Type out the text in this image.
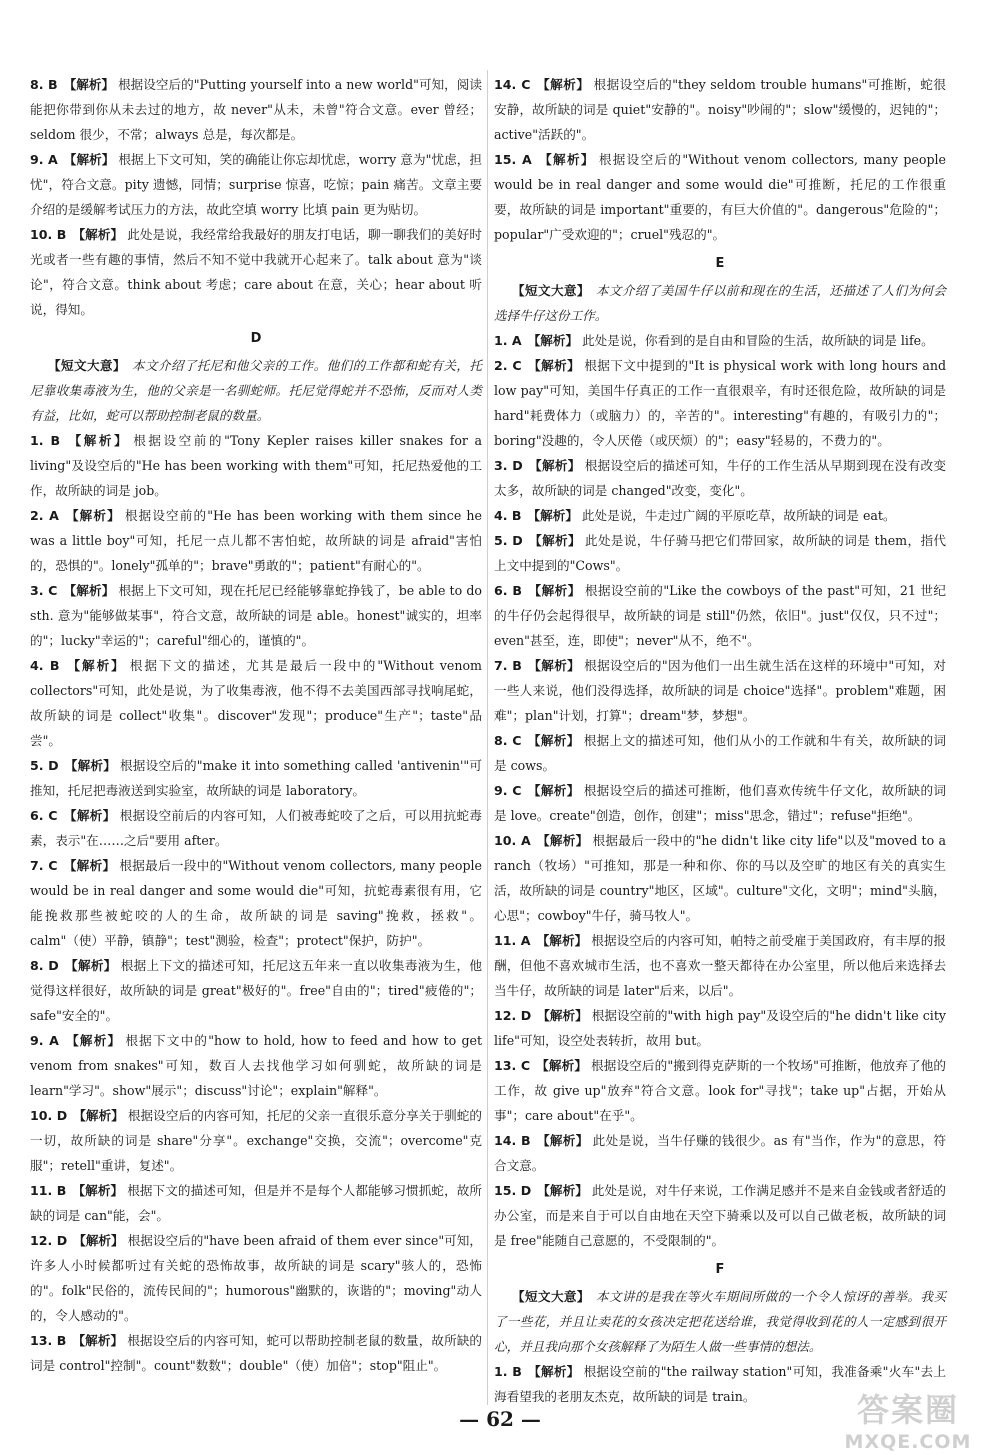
8. B 【解析】 根据设空后的"Putting yourself into a new world"可知，阅读能把你带到你从未去过的地方，故 never"从未，未曾"符合文意。ever 曾经；seldom 很少，不常；always 总是，每次都是。
9. A 【解析】 根据上下文可知，笑的确能让你忘却忧虑，worry 意为"忧虑，担忧"，符合文意。pity 遗憾，同情；surprise 惊喜，吃惊；pain 痛苦。文章主要介绍的是缓解考试压力的方法，故此空填 worry 比填 pain 更为贴切。
10. B 【解析】 此处是说，我经常给我最好的朋友打电话，聊一聊我们的美好时光或者一些有趣的事情，然后不知不觉中我就开心起来了。talk about 意为"谈论"，符合文意。think about 考虑；care about 在意，关心；hear about 听说，得知。
D
【短文大意】 本文介绍了托尼和他父亲的工作。他们的工作都和蛇有关，托尼靠收集毒液为生，他的父亲是一名驯蛇师。托尼觉得蛇并不恐怖，反而对人类有益，比如，蛇可以帮助控制老鼠的数量。
1. B 【解析】 根据设空前的"Tony Kepler raises killer snakes for a living"及设空后的"He has been working with them"可知，托尼热爱他的工作，故所缺的词是 job。
2. A 【解析】 根据设空前的"He has been working with them since he was a little boy"可知，托尼一点儿都不害怕蛇，故所缺的词是 afraid"害怕的，恐惧的"。lonely"孤单的"；brave"勇敢的"；patient"有耐心的"。
3. C 【解析】 根据上下文可知，现在托尼已经能够靠蛇挣钱了，be able to do sth. 意为"能够做某事"，符合文意，故所缺的词是 able。honest"诚实的，坦率的"；lucky"幸运的"；careful"细心的，谨慎的"。
4. B 【解析】 根据下文的描述，尤其是最后一段中的"Without venom collectors"可知，此处是说，为了收集毒液，他不得不去美国西部寻找响尾蛇，故所缺的词是 collect"收集"。discover"发现"；produce"生产"；taste"品尝"。
5. D 【解析】 根据设空后的"make it into something called 'antivenin'"可推知，托尼把毒液送到实验室，故所缺的词是 laboratory。
6. C 【解析】 根据设空前后的内容可知，人们被毒蛇咬了之后，可以用抗蛇毒素，表示"在……之后"要用 after。
7. C 【解析】 根据最后一段中的"Without venom collectors, many people would be in real danger and some would die"可知，抗蛇毒素很有用，它能挽救那些被蛇咬的人的生命，故所缺的词是 saving"挽救，拯救"。calm"（使）平静，镇静"；test"测验，检查"；protect"保护，防护"。
8. D 【解析】 根据上下文的描述可知，托尼这五年来一直以收集毒液为生，他觉得这样很好，故所缺的词是 great"极好的"。free"自由的"；tired"疲倦的"；safe"安全的"。
9. A 【解析】 根据下文中的"how to hold, how to feed and how to get venom from snakes"可知，数百人去找他学习如何驯蛇，故所缺的词是 learn"学习"。show"展示"；discuss"讨论"；explain"解释"。
10. D 【解析】 根据设空后的内容可知，托尼的父亲一直很乐意分享关于驯蛇的一切，故所缺的词是 share"分享"。exchange"交换，交流"；overcome"克服"；retell"重讲，复述"。
11. B 【解析】 根据下文的描述可知，但是并不是每个人都能够习惯抓蛇，故所缺的词是 can"能，会"。
12. D 【解析】 根据设空后的"have been afraid of them ever since"可知，许多人小时候都听过有关蛇的恐怖故事，故所缺的词是 scary"骇人的，恐怖的"。folk"民俗的，流传民间的"；humorous"幽默的，诙谐的"；moving"动人的，令人感动的"。
13. B 【解析】 根据设空后的内容可知，蛇可以帮助控制老鼠的数量，故所缺的词是 control"控制"。count"数数"；double"（使）加倍"；stop"阻止"。
14. C 【解析】 根据设空后的"they seldom trouble humans"可推断，蛇很安静，故所缺的词是 quiet"安静的"。noisy"吵闹的"；slow"缓慢的，迟钝的"；active"活跃的"。
15. A 【解析】 根据设空后的"Without venom collectors, many people would be in real danger and some would die"可推断，托尼的工作很重要，故所缺的词是 important"重要的，有巨大价值的"。dangerous"危险的"；popular"广受欢迎的"；cruel"残忍的"。
E
【短文大意】 本文介绍了美国牛仔以前和现在的生活，还描述了人们为何会选择牛仔这份工作。
1. A 【解析】 此处是说，你看到的是自由和冒险的生活，故所缺的词是 life。
2. C 【解析】 根据下文中提到的"It is physical work with long hours and low pay"可知，美国牛仔真正的工作一直很艰辛，有时还很危险，故所缺的词是 hard"耗费体力（或脑力）的，辛苦的"。interesting"有趣的，有吸引力的"；boring"没趣的，令人厌倦（或厌烦）的"；easy"轻易的，不费力的"。
3. D 【解析】 根据设空后的描述可知，牛仔的工作生活从早期到现在没有改变太多，故所缺的词是 changed"改变，变化"。
4. B 【解析】 此处是说，牛走过广阔的平原吃草，故所缺的词是 eat。
5. D 【解析】 此处是说，牛仔骑马把它们带回家，故所缺的词是 them，指代上文中提到的"Cows"。
6. B 【解析】 根据设空前的"Like the cowboys of the past"可知，21 世纪的牛仔仍会起得很早，故所缺的词是 still"仍然，依旧"。just"仅仅，只不过"；even"甚至，连，即使"；never"从不，绝不"。
7. B 【解析】 根据设空后的"因为他们一出生就生活在这样的环境中"可知，对一些人来说，他们没得选择，故所缺的词是 choice"选择"。problem"难题，困难"；plan"计划，打算"；dream"梦，梦想"。
8. C 【解析】 根据上文的描述可知，他们从小的工作就和牛有关，故所缺的词是 cows。
9. C 【解析】 根据设空后的描述可推断，他们喜欢传统牛仔文化，故所缺的词是 love。create"创造，创作，创建"；miss"思念，错过"；refuse"拒绝"。
10. A 【解析】 根据最后一段中的"he didn't like city life"以及"moved to a ranch（牧场）"可推知，那是一种和你、你的马以及空旷的地区有关的真实生活，故所缺的词是 country"地区，区域"。culture"文化，文明"；mind"头脑，心思"；cowboy"牛仔，骑马牧人"。
11. A 【解析】 根据设空后的内容可知，帕特之前受雇于美国政府，有丰厚的报酬，但他不喜欢城市生活，也不喜欢一整天都待在办公室里，所以他后来选择去当牛仔，故所缺的词是 later"后来，以后"。
12. D 【解析】 根据设空前的"with high pay"及设空后的"he didn't like city life"可知，设空处表转折，故用 but。
13. C 【解析】 根据设空后的"搬到得克萨斯的一个牧场"可推断，他放弃了他的工作，故 give up"放弃"符合文意。look for"寻找"；take up"占据，开始从事"；care about"在乎"。
14. B 【解析】 此处是说，当牛仔赚的钱很少。as 有"当作，作为"的意思，符合文意。
15. D 【解析】 此处是说，对牛仔来说，工作满足感并不是来自金钱或者舒适的办公室，而是来自于可以自由地在天空下骑乘以及可以自己做老板，故所缺的词是 free"能随自己意愿的，不受限制的"。
F
【短文大意】 本文讲的是我在等火车期间所做的一个令人惊讶的善举。我买了一些花，并且让卖花的女孩决定把花送给谁，我觉得收到花的人一定感到很开心，并且我向那个女孩解释了为陌生人做一些事情的想法。
1. B 【解析】 根据设空前的"the railway station"可知，我准备乘"火车"去上海看望我的老朋友杰克，故所缺的词是 train。
— 62 —	答案圈
MXQE.COM
